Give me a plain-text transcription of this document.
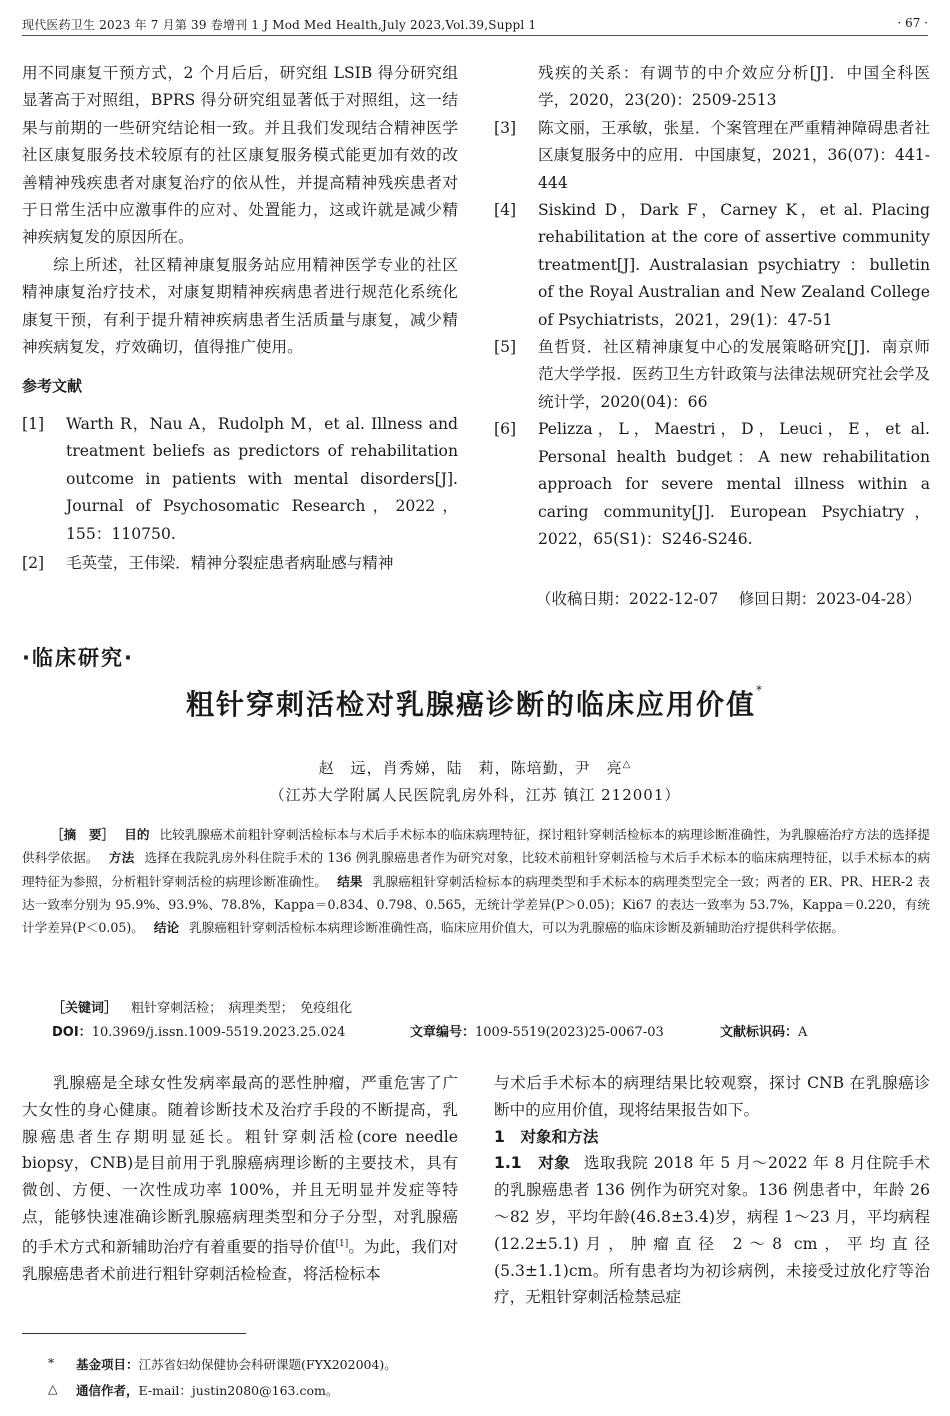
现代医药卫生 2023 年 7 月第 39 卷增刊 1 J Mod Med Health,July 2023,Vol.39,Suppl 1	· 67 ·

用不同康复干预方式，2 个月后后，研究组 LSIB 得分研究组显著高于对照组，BPRS 得分研究组显著低于对照组，这一结果与前期的一些研究结论相一致。并且我们发现结合精神医学社区康复服务技术较原有的社区康复服务模式能更加有效的改善精神残疾患者对康复治疗的依从性，并提高精神残疾患者对于日常生活中应激事件的应对、处置能力，这或许就是减少精神疾病复发的原因所在。

综上所述，社区精神康复服务站应用精神医学专业的社区精神康复治疗技术，对康复期精神疾病患者进行规范化系统化康复干预，有利于提升精神疾病患者生活质量与康复，减少精神疾病复发，疗效确切，值得推广使用。

参考文献

[1] Warth R，Nau A，Rudolph M，et al. Illness and treatment beliefs as predictors of rehabilitation outcome in patients with mental disorders[J]. Journal of Psychosomatic Research，2022，155：110750.

[2] 毛英莹，王伟梁．精神分裂症患者病耻感与精神

残疾的关系：有调节的中介效应分析[J]．中国全科医学，2020，23(20)：2509-2513

[3] 陈文丽，王承敏，张星．个案管理在严重精神障碍患者社区康复服务中的应用．中国康复，2021，36(07)：441-444

[4] Siskind D，Dark F，Carney K，et al. Placing rehabilitation at the core of assertive community treatment[J]. Australasian psychiatry ：bulletin of the Royal Australian and New Zealand College of Psychiatrists，2021，29(1)：47-51

[5] 鱼哲贤．社区精神康复中心的发展策略研究[J]．南京师范大学学报．医药卫生方针政策与法律法规研究社会学及统计学，2020(04)：66

[6] Pelizza，L，Maestri，D，Leuci，E，et al. Personal health budget：A new rehabilitation approach for severe mental illness within a caring community[J]. European Psychiatry，2022，65(S1)：S246-S246.

（收稿日期：2022-12-07　 修回日期：2023-04-28）
·临床研究·
粗针穿刺活检对乳腺癌诊断的临床应用价值*
赵　远，肖秀娣，陆　莉，陈培勤，尹　亮△
（江苏大学附属人民医院乳房外科，江苏 镇江 212001）

［摘　要］ 目的 比较乳腺癌术前粗针穿刺活检标本与术后手术标本的临床病理特征，探讨粗针穿刺活检标本的病理诊断准确性，为乳腺癌治疗方法的选择提供科学依据。 方法 选择在我院乳房外科住院手术的 136 例乳腺癌患者作为研究对象，比较术前粗针穿刺活检与术后手术标本的临床病理特征，以手术标本的病理特征为参照，分析粗针穿刺活检的病理诊断准确性。 结果 乳腺癌粗针穿刺活检标本的病理类型和手术标本的病理类型完全一致；两者的 ER、PR、HER-2 表达一致率分别为 95.9%、93.9%、78.8%，Kappa＝0.834、0.798、0.565，无统计学差异(P＞0.05)；Ki67 的表达一致率为 53.7%，Kappa＝0.220，有统计学差异(P＜0.05)。 结论 乳腺癌粗针穿刺活检标本病理诊断准确性高，临床应用价值大，可以为乳腺癌的临床诊断及新辅助治疗提供科学依据。

［关键词］ 粗针穿刺活检；　病理类型；　免疫组化
DOI：10.3969/j.issn.1009-5519.2023.25.024	文章编号：1009-5519(2023)25-0067-03	文献标识码：A

乳腺癌是全球女性发病率最高的恶性肿瘤，严重危害了广大女性的身心健康。随着诊断技术及治疗手段的不断提高，乳腺癌患者生存期明显延长。粗针穿刺活检(core needle biopsy，CNB)是目前用于乳腺癌病理诊断的主要技术，具有微创、方便、一次性成功率 100%，并且无明显并发症等特点，能够快速准确诊断乳腺癌病理类型和分子分型，对乳腺癌的手术方式和新辅助治疗有着重要的指导价值[1]。为此，我们对乳腺癌患者术前进行粗针穿刺活检检查，将活检标本

与术后手术标本的病理结果比较观察，探讨 CNB 在乳腺癌诊断中的应用价值，现将结果报告如下。

1　对象和方法

1.1　对象 选取我院 2018 年 5 月～2022 年 8 月住院手术的乳腺癌患者 136 例作为研究对象。136 例患者中，年龄 26～82 岁，平均年龄(46.8±3.4)岁，病程 1～23 月，平均病程(12.2±5.1)月，肿瘤直径 2～8 cm，平均直径(5.3±1.1)cm。所有患者均为初诊病例，未接受过放化疗等治疗，无粗针穿刺活检禁忌症

* 基金项目：江苏省妇幼保健协会科研课题(FYX202004)。
△ 通信作者，E-mail：justin2080@163.com。
